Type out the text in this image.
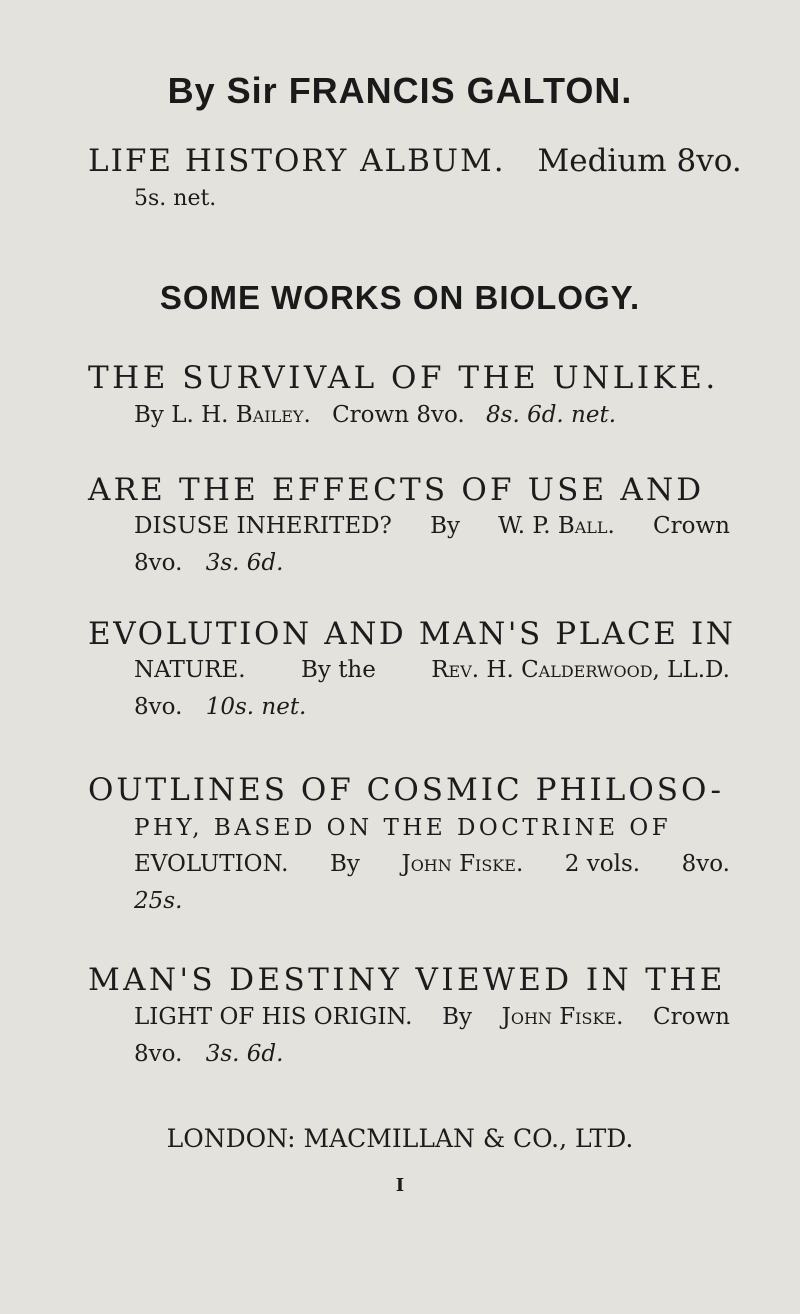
By Sir FRANCIS GALTON.
LIFE HISTORY ALBUM. Medium 8vo.
5s. net.
SOME WORKS ON BIOLOGY.
THE SURVIVAL OF THE UNLIKE.
By L. H. Bailey. Crown 8vo. 8s. 6d. net.
ARE THE EFFECTS OF USE AND
DISUSE INHERITED? By W. P. Ball. Crown
8vo. 3s. 6d.
EVOLUTION AND MAN'S PLACE IN
NATURE. By the Rev. H. Calderwood, LL.D.
8vo. 10s. net.
OUTLINES OF COSMIC PHILOSO-
PHY, BASED ON THE DOCTRINE OF
EVOLUTION. By John Fiske. 2 vols. 8vo.
25s.
MAN'S DESTINY VIEWED IN THE
LIGHT OF HIS ORIGIN. By John Fiske. Crown
8vo. 3s. 6d.
LONDON: MACMILLAN & CO., LTD.
I
